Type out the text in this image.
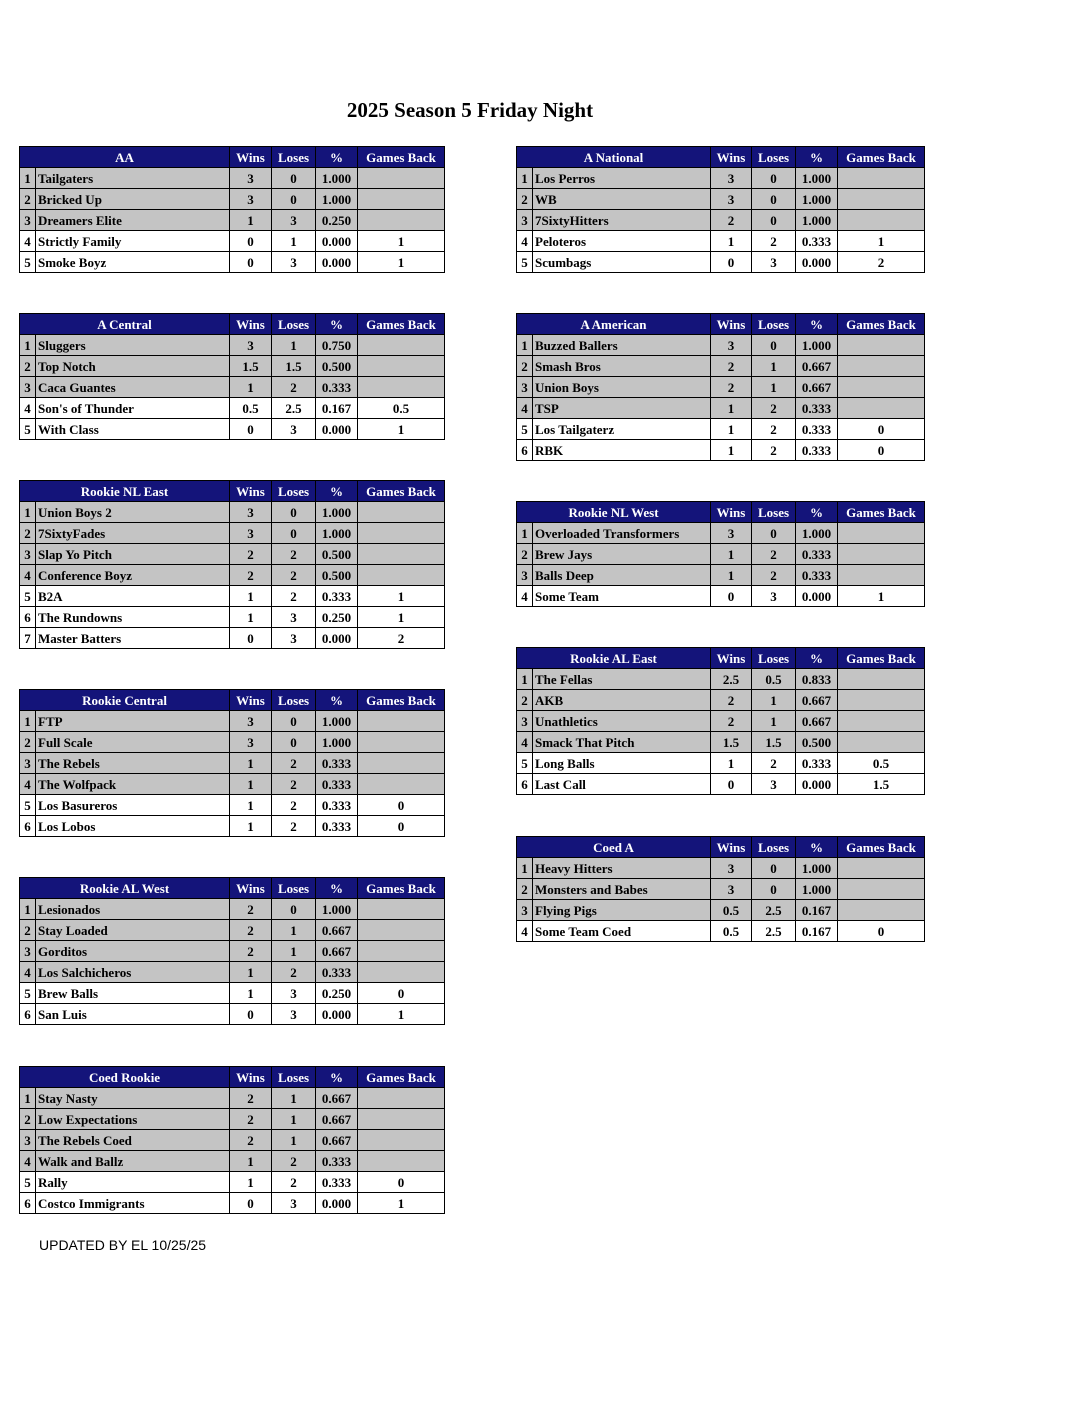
2025 Season 5 Friday Night
AA		Wins	Loses	%	Games Back
1	Tailgaters	3	0	1.000	
2	Bricked Up	3	0	1.000	
3	Dreamers Elite	1	3	0.250	
4	Strictly Family	0	1	0.000	1
5	Smoke Boyz	0	3	0.000	1
A Central		Wins	Loses	%	Games Back
1	Sluggers	3	1	0.750	
2	Top Notch	1.5	1.5	0.500	
3	Caca Guantes	1	2	0.333	
4	Son's of Thunder	0.5	2.5	0.167	0.5
5	With Class	0	3	0.000	1
Rookie NL East		Wins	Loses	%	Games Back
1	Union Boys 2	3	0	1.000	
2	7SixtyFades	3	0	1.000	
3	Slap Yo Pitch	2	2	0.500	
4	Conference Boyz	2	2	0.500	
5	B2A	1	2	0.333	1
6	The Rundowns	1	3	0.250	1
7	Master Batters	0	3	0.000	2
Rookie Central		Wins	Loses	%	Games Back
1	FTP	3	0	1.000	
2	Full Scale	3	0	1.000	
3	The Rebels	1	2	0.333	
4	The Wolfpack	1	2	0.333	
5	Los Basureros	1	2	0.333	0
6	Los Lobos	1	2	0.333	0
Rookie AL West		Wins	Loses	%	Games Back
1	Lesionados	2	0	1.000	
2	Stay Loaded	2	1	0.667	
3	Gorditos	2	1	0.667	
4	Los Salchicheros	1	2	0.333	
5	Brew Balls	1	3	0.250	0
6	San Luis	0	3	0.000	1
Coed Rookie		Wins	Loses	%	Games Back
1	Stay Nasty	2	1	0.667	
2	Low Expectations	2	1	0.667	
3	The Rebels Coed	2	1	0.667	
4	Walk and Ballz	1	2	0.333	
5	Rally	1	2	0.333	0
6	Costco Immigrants	0	3	0.000	1
A National		Wins	Loses	%	Games Back
1	Los Perros	3	0	1.000	
2	WB	3	0	1.000	
3	7SixtyHitters	2	0	1.000	
4	Peloteros	1	2	0.333	1
5	Scumbags	0	3	0.000	2
A American		Wins	Loses	%	Games Back
1	Buzzed Ballers	3	0	1.000	
2	Smash Bros	2	1	0.667	
3	Union Boys	2	1	0.667	
4	TSP	1	2	0.333	
5	Los Tailgaterz	1	2	0.333	0
6	RBK	1	2	0.333	0
Rookie NL West		Wins	Loses	%	Games Back
1	Overloaded Transformers	3	0	1.000	
2	Brew Jays	1	2	0.333	
3	Balls Deep	1	2	0.333	
4	Some Team	0	3	0.000	1
Rookie AL East		Wins	Loses	%	Games Back
1	The Fellas	2.5	0.5	0.833	
2	AKB	2	1	0.667	
3	Unathletics	2	1	0.667	
4	Smack That Pitch	1.5	1.5	0.500	
5	Long Balls	1	2	0.333	0.5
6	Last Call	0	3	0.000	1.5
Coed A		Wins	Loses	%	Games Back
1	Heavy Hitters	3	0	1.000	
2	Monsters and Babes	3	0	1.000	
3	Flying Pigs	0.5	2.5	0.167	
4	Some Team Coed	0.5	2.5	0.167	0
UPDATED BY EL 10/25/25
